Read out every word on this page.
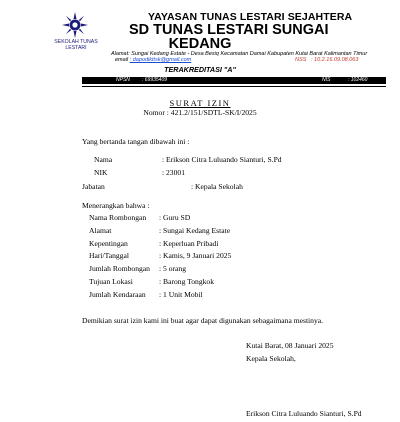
SEKOLAH TUNAS LESTARI
YAYASAN TUNAS LESTARI SEJAHTERA
SD TUNAS LESTARI SUNGAI
KEDANG
Alamat: Sungai Kedang Estate - Desa Besiq Kecamatan Damai Kabupaten Kutai Barat Kalimantan Timur
NSS : 10.2.16.09.08.063
email : dapodikttsk@gmail.com
TERAKREDITASI "A"
NPSN : 69935409	NIS	: 102460
SURAT IZIN
Nomor : 421.2/151/SDTL-SK/I/2025
Yang bertanda tangan dibawah ini :
Nama	: Erikson Citra Luluando Sianturi, S.Pd
NIK	: 23001
Jabatan	: Kepala Sekolah
Menerangkan bahwa :
Nama Rombongan : Guru SD
Alamat	: Sungai Kedang Estate
Kepentingan	: Keperluan Pribadi
Hari/Tanggal	: Kamis, 9 Januari 2025
Jumlah Rombongan : 5 orang
Tujuan Lokasi	: Barong Tongkok
Jumlah Kendaraan : 1 Unit Mobil
Demikian surat izin kami ini buat agar dapat digunakan sebagaimana mestinya.
Kutai Barat, 08 Januari 2025
Kepala Sekolah,
Erikson Citra Luluando Sianturi, S.Pd
